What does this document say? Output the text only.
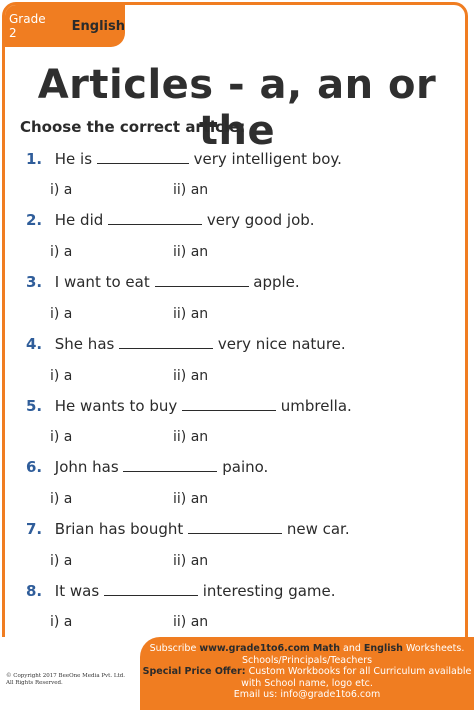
Grade 2	English
Articles - a, an or the
Choose the correct article:
1. He is	very intelligent boy.
i) a	ii) an
2. He did	very good job.
i) a	ii) an
3. I want to eat	apple.
i) a	ii) an
4. She has	very nice nature.
i) a	ii) an
5. He wants to buy	umbrella.
i) a	ii) an
6. John has	paino.
i) a	ii) an
7. Brian has bought	new car.
i) a	ii) an
8. It was	interesting game.
i) a	ii) an
© Copyright 2017 BeeOne Media Pvt. Ltd.
All Rights Reserved.
Subscribe www.grade1to6.com Math and English Worksheets.
Schools/Principals/Teachers
Special Price Offer: Custom Workbooks for all Curriculum available
with School name, logo etc.
Email us: info@grade1to6.com
